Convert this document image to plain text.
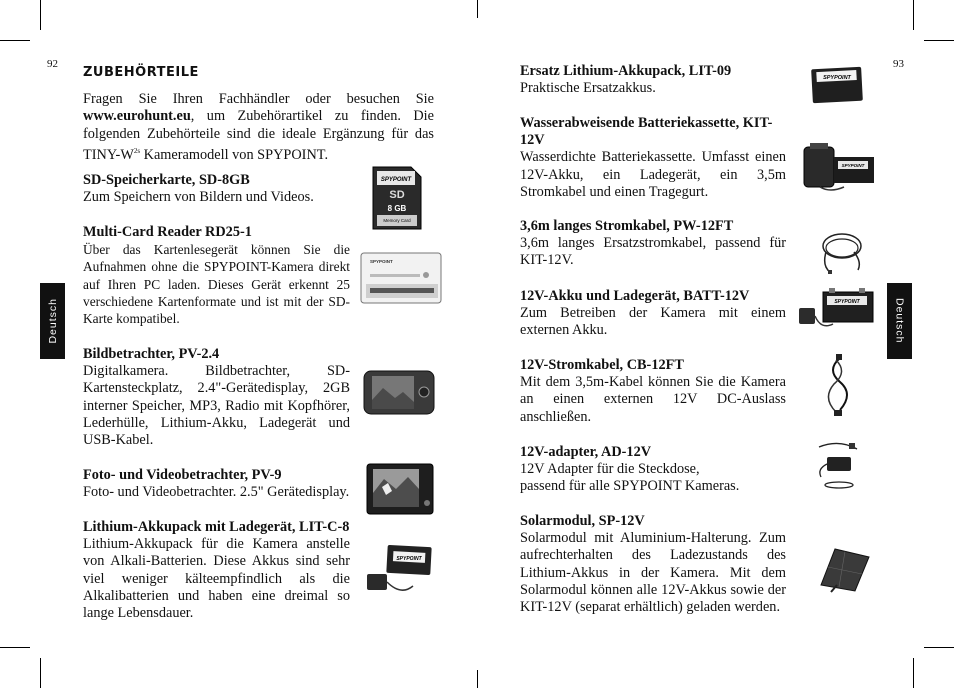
92	93
Deutsch	Deutsch
ZUBEHÖRTEILE
Fragen Sie Ihren Fachhändler oder besuchen Sie www.eurohunt.eu, um Zubehörartikel zu finden. Die folgenden Zubehörteile sind die ideale Ergänzung für das TINY-$W^{2s}$ Kameramodell von SPYPOINT.
SD-Speicherkarte, SD-8GB
Zum Speichern von Bildern und Videos.
Multi-Card Reader RD25-1
Über das Kartenlesegerät können Sie die Aufnahmen ohne die SPYPOINT-Kamera direkt auf Ihren PC laden. Dieses Gerät erkennt 25 verschiedene Kartenformate und ist mit der SD-Karte kompatibel.
Bildbetrachter, PV-2.4
Digitalkamera. Bildbetrachter, SD-Kartensteckplatz, 2.4"-Gerätedisplay, 2GB interner Speicher, MP3, Radio mit Kopfhörer, Lederhülle, Lithium-Akku, Ladegerät und USB-Kabel.
Foto- und Videobetrachter, PV-9
Foto- und Videobetrachter. 2.5" Gerätedisplay.
Lithium-Akkupack mit Ladegerät, LIT-C-8
Lithium-Akkupack für die Kamera anstelle von Alkali-Batterien. Diese Akkus sind sehr viel weniger kälteempfindlich als die Alkalibatterien und haben eine dreimal so lange Lebensdauer.
SPYPOINT
SD
8 GB
Memory Card
SPYPOINT
SPYPOINT
Ersatz Lithium-Akkupack, LIT-09
Praktische Ersatzakkus.
Wasserabweisende Batteriekassette, KIT-12V
Wasserdichte Batteriekassette. Umfasst einen 12V-Akku, ein Ladegerät, ein 3,5m Stromkabel und einen Tragegurt.
3,6m langes Stromkabel, PW-12FT
3,6m langes Ersatzstromkabel, passend für KIT-12V.
12V-Akku und Ladegerät, BATT-12V
Zum Betreiben der Kamera mit einem externen Akku.
12V-Stromkabel, CB-12FT
Mit dem 3,5m-Kabel können Sie die Kamera an einen externen 12V DC-Auslass anschließen.
12V-adapter, AD-12V
12V Adapter für die Steckdose,
passend für alle SPYPOINT Kameras.
Solarmodul, SP-12V
Solarmodul mit Aluminium-Halterung. Zum aufrechterhalten des Ladezustands des Lithium-Akkus in der Kamera. Mit dem Solarmodul können alle 12V-Akkus sowie der KIT-12V (separat erhältlich) geladen werden.
SPYPOINT
SPYPOINT
SPYPOINT
